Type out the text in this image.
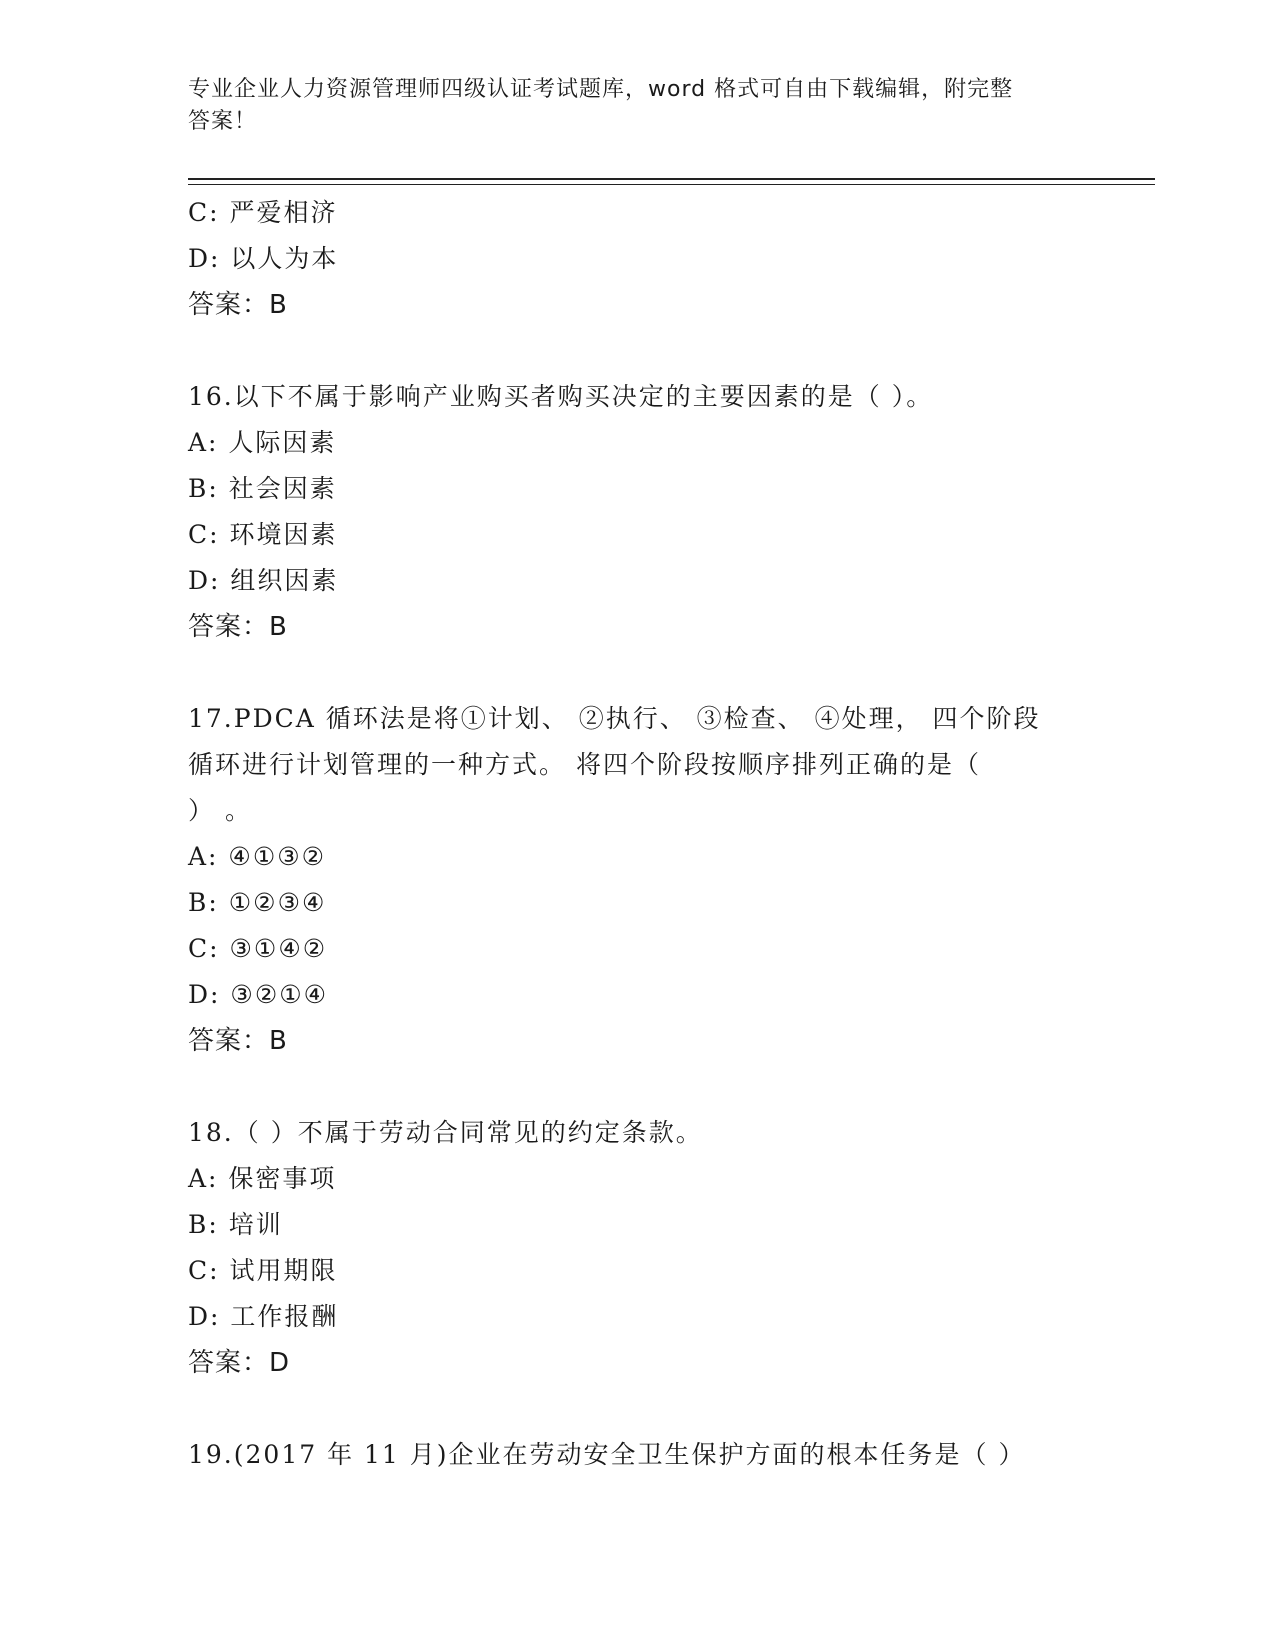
专业企业人力资源管理师四级认证考试题库，word 格式可自由下载编辑，附完整
答案！
C: 严爱相济
D: 以人为本
答案：B
16.以下不属于影响产业购买者购买决定的主要因素的是（ ）。
A: 人际因素
B: 社会因素
C: 环境因素
D: 组织因素
答案：B
17.PDCA 循环法是将①计划、 ②执行、 ③检查、 ④处理， 四个阶段
循环进行计划管理的一种方式。 将四个阶段按顺序排列正确的是（
） 。
A: ④①③②
B: ①②③④
C: ③①④②
D: ③②①④
答案：B
18.（ ）不属于劳动合同常见的约定条款。
A: 保密事项
B: 培训
C: 试用期限
D: 工作报酬
答案：D
19.(2017 年 11 月)企业在劳动安全卫生保护方面的根本任务是（ ）
